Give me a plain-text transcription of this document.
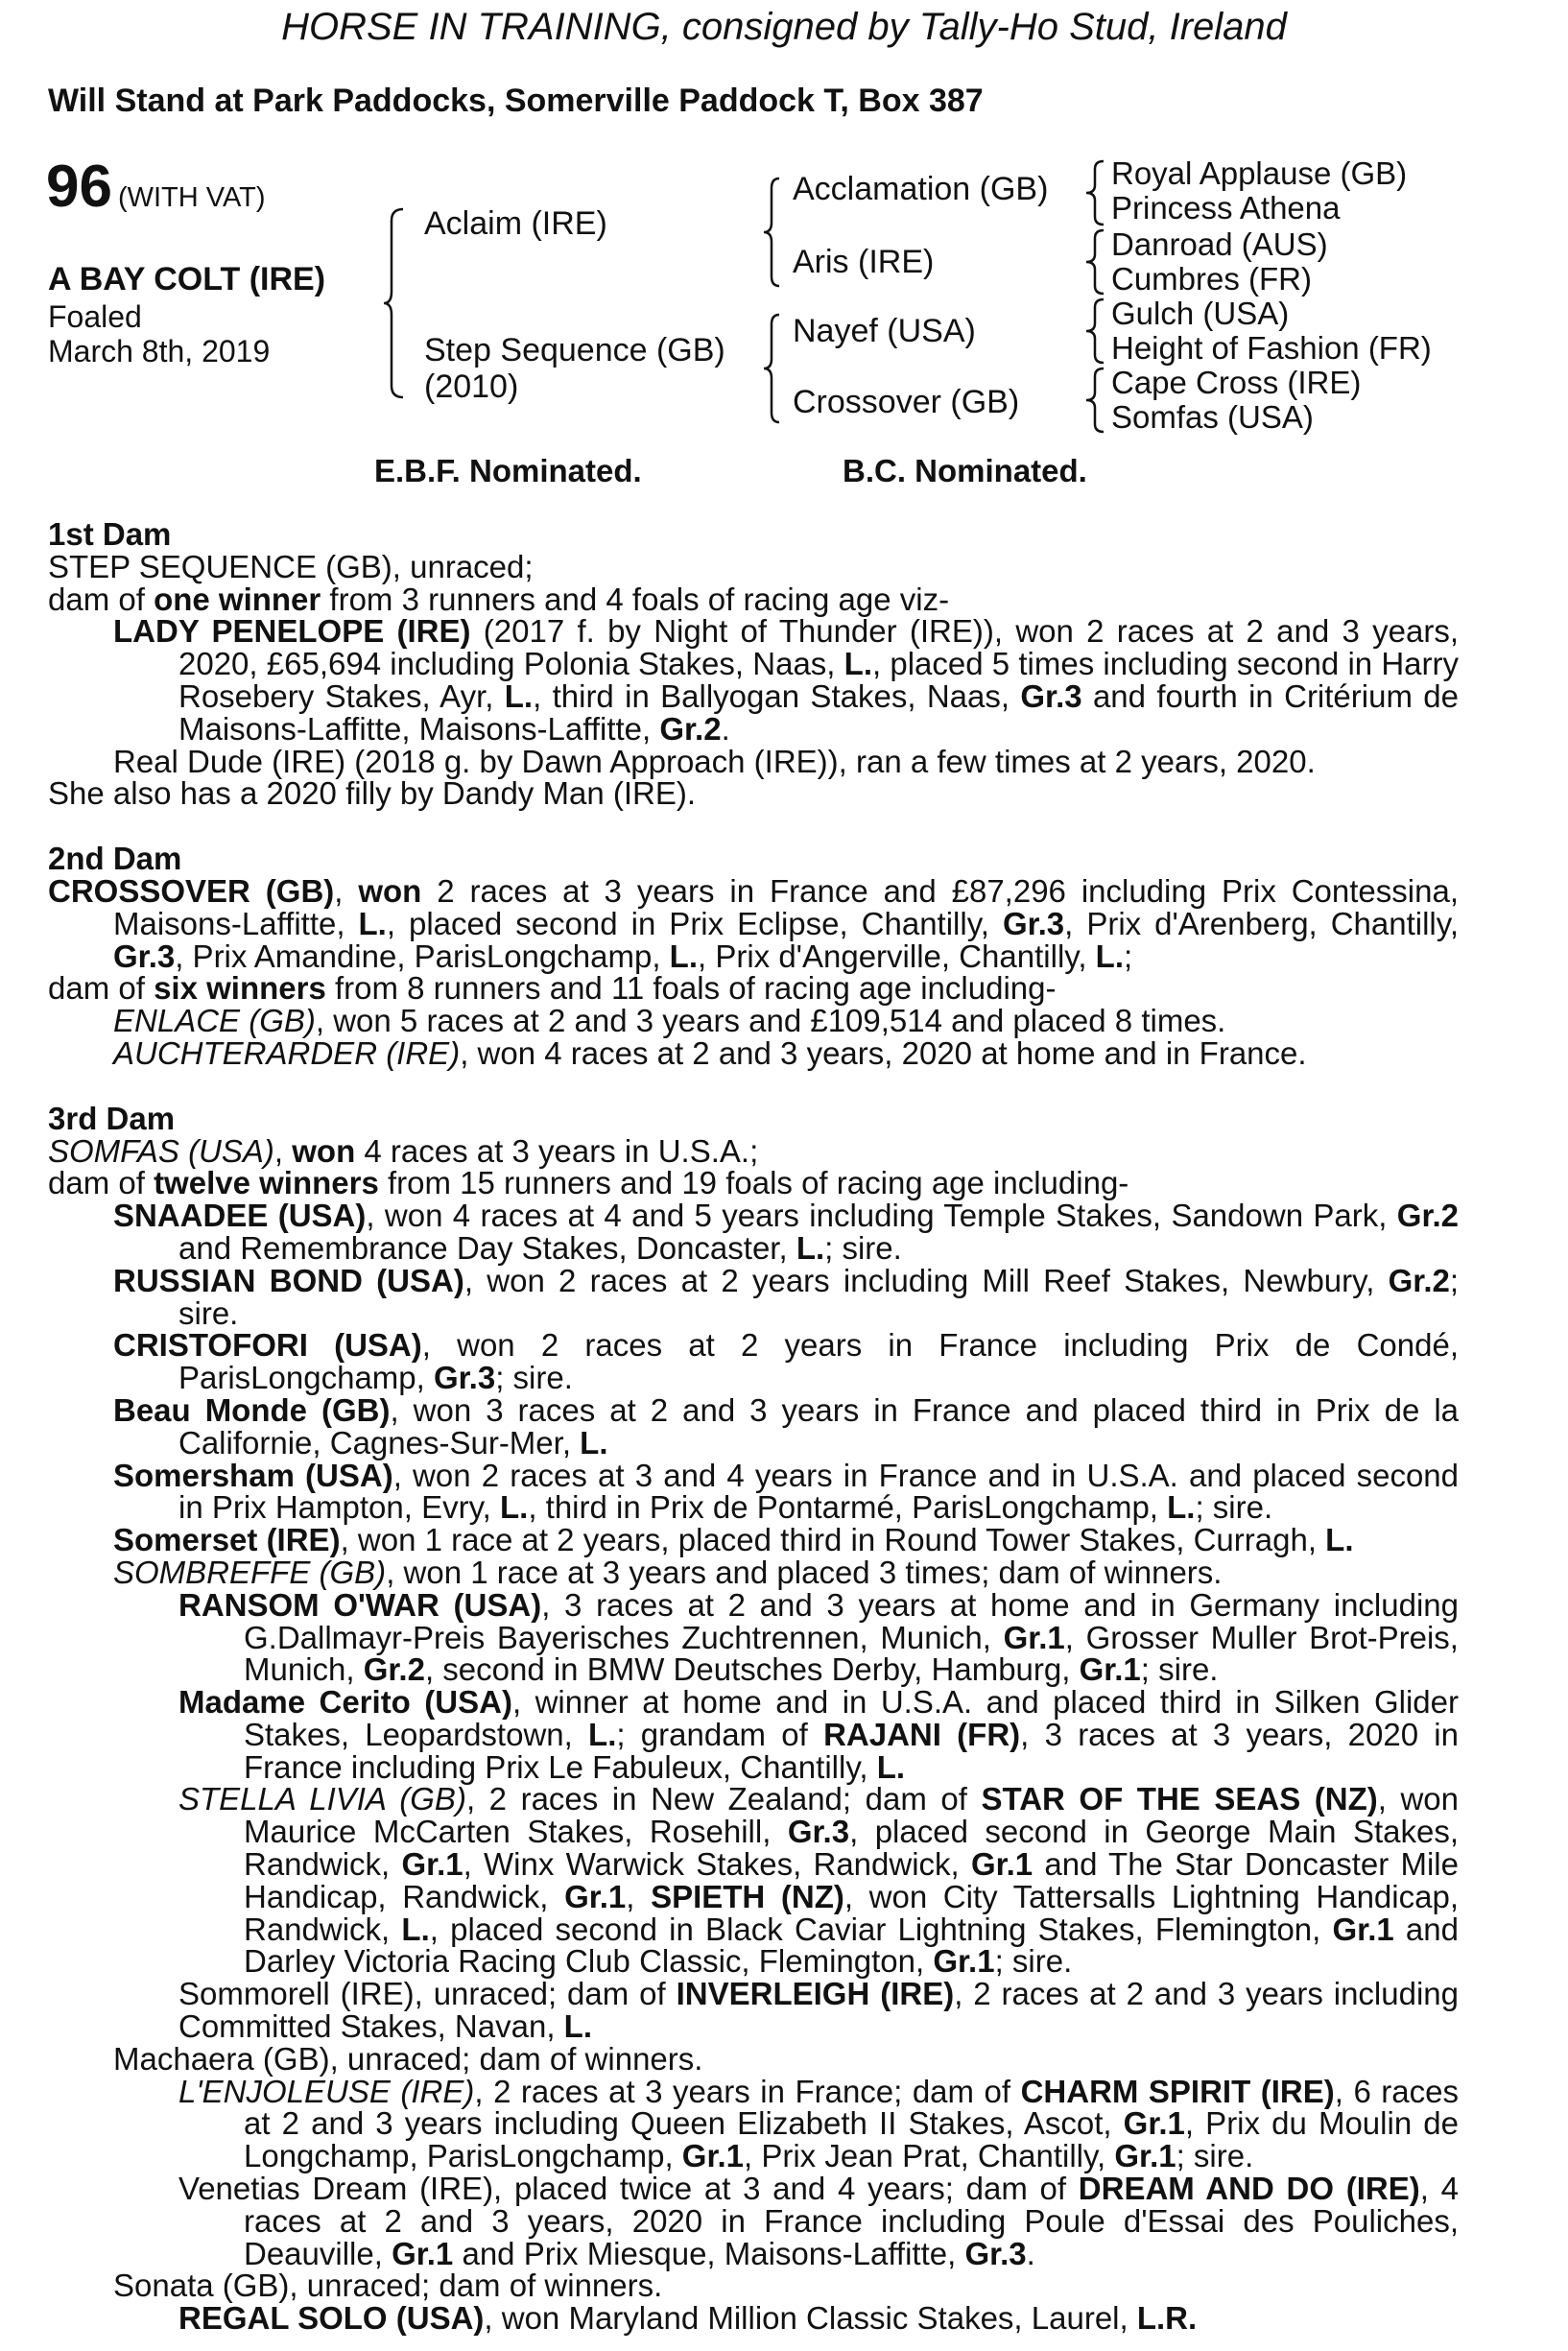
HORSE IN TRAINING, consigned by Tally-Ho Stud, Ireland
Will Stand at Park Paddocks, Somerville Paddock T, Box 387
96 (WITH VAT)
A BAY COLT (IRE)
Foaled
March 8th, 2019
Aclaim (IRE)
Step Sequence (GB)
(2010)
Acclamation (GB)
Aris (IRE)
Nayef (USA)
Crossover (GB)
Royal Applause (GB)
Princess Athena
Danroad (AUS)
Cumbres (FR)
Gulch (USA)
Height of Fashion (FR)
Cape Cross (IRE)
Somfas (USA)
E.B.F. Nominated.	B.C. Nominated.

1st Dam

STEP SEQUENCE (GB), unraced;

dam of one winner from 3 runners and 4 foals of racing age viz-

LADY PENELOPE (IRE) (2017 f. by Night of Thunder (IRE)), won 2 races at 2 and 3 years, 2020, £65,694 including Polonia Stakes, Naas, L., placed 5 times including second in Harry Rosebery Stakes, Ayr, L., third in Ballyogan Stakes, Naas, Gr.3 and fourth in Critérium de Maisons-Laffitte, Maisons-Laffitte, Gr.2.

Real Dude (IRE) (2018 g. by Dawn Approach (IRE)), ran a few times at 2 years, 2020.

She also has a 2020 filly by Dandy Man (IRE).

2nd Dam

CROSSOVER (GB), won 2 races at 3 years in France and £87,296 including Prix Contessina, Maisons-Laffitte, L., placed second in Prix Eclipse, Chantilly, Gr.3, Prix d'Arenberg, Chantilly, Gr.3, Prix Amandine, ParisLongchamp, L., Prix d'Angerville, Chantilly, L.;

dam of six winners from 8 runners and 11 foals of racing age including-

ENLACE (GB), won 5 races at 2 and 3 years and £109,514 and placed 8 times.

AUCHTERARDER (IRE), won 4 races at 2 and 3 years, 2020 at home and in France.

3rd Dam

SOMFAS (USA), won 4 races at 3 years in U.S.A.;

dam of twelve winners from 15 runners and 19 foals of racing age including-

SNAADEE (USA), won 4 races at 4 and 5 years including Temple Stakes, Sandown Park, Gr.2 and Remembrance Day Stakes, Doncaster, L.; sire.

RUSSIAN BOND (USA), won 2 races at 2 years including Mill Reef Stakes, Newbury, Gr.2; sire.

CRISTOFORI (USA), won 2 races at 2 years in France including Prix de Condé, ParisLongchamp, Gr.3; sire.

Beau Monde (GB), won 3 races at 2 and 3 years in France and placed third in Prix de la Californie, Cagnes-Sur-Mer, L.

Somersham (USA), won 2 races at 3 and 4 years in France and in U.S.A. and placed second in Prix Hampton, Evry, L., third in Prix de Pontarmé, ParisLongchamp, L.; sire.

Somerset (IRE), won 1 race at 2 years, placed third in Round Tower Stakes, Curragh, L.

SOMBREFFE (GB), won 1 race at 3 years and placed 3 times; dam of winners.

RANSOM O'WAR (USA), 3 races at 2 and 3 years at home and in Germany including G.Dallmayr-Preis Bayerisches Zuchtrennen, Munich, Gr.1, Grosser Muller Brot-Preis, Munich, Gr.2, second in BMW Deutsches Derby, Hamburg, Gr.1; sire.

Madame Cerito (USA), winner at home and in U.S.A. and placed third in Silken Glider Stakes, Leopardstown, L.; grandam of RAJANI (FR), 3 races at 3 years, 2020 in France including Prix Le Fabuleux, Chantilly, L.

STELLA LIVIA (GB), 2 races in New Zealand; dam of STAR OF THE SEAS (NZ), won Maurice McCarten Stakes, Rosehill, Gr.3, placed second in George Main Stakes, Randwick, Gr.1, Winx Warwick Stakes, Randwick, Gr.1 and The Star Doncaster Mile Handicap, Randwick, Gr.1, SPIETH (NZ), won City Tattersalls Lightning Handicap, Randwick, L., placed second in Black Caviar Lightning Stakes, Flemington, Gr.1 and Darley Victoria Racing Club Classic, Flemington, Gr.1; sire.

Sommorell (IRE), unraced; dam of INVERLEIGH (IRE), 2 races at 2 and 3 years including Committed Stakes, Navan, L.

Machaera (GB), unraced; dam of winners.

L'ENJOLEUSE (IRE), 2 races at 3 years in France; dam of CHARM SPIRIT (IRE), 6 races at 2 and 3 years including Queen Elizabeth II Stakes, Ascot, Gr.1, Prix du Moulin de Longchamp, ParisLongchamp, Gr.1, Prix Jean Prat, Chantilly, Gr.1; sire.

Venetias Dream (IRE), placed twice at 3 and 4 years; dam of DREAM AND DO (IRE), 4 races at 2 and 3 years, 2020 in France including Poule d'Essai des Pouliches, Deauville, Gr.1 and Prix Miesque, Maisons-Laffitte, Gr.3.

Sonata (GB), unraced; dam of winners.

REGAL SOLO (USA), won Maryland Million Classic Stakes, Laurel, L.R.
